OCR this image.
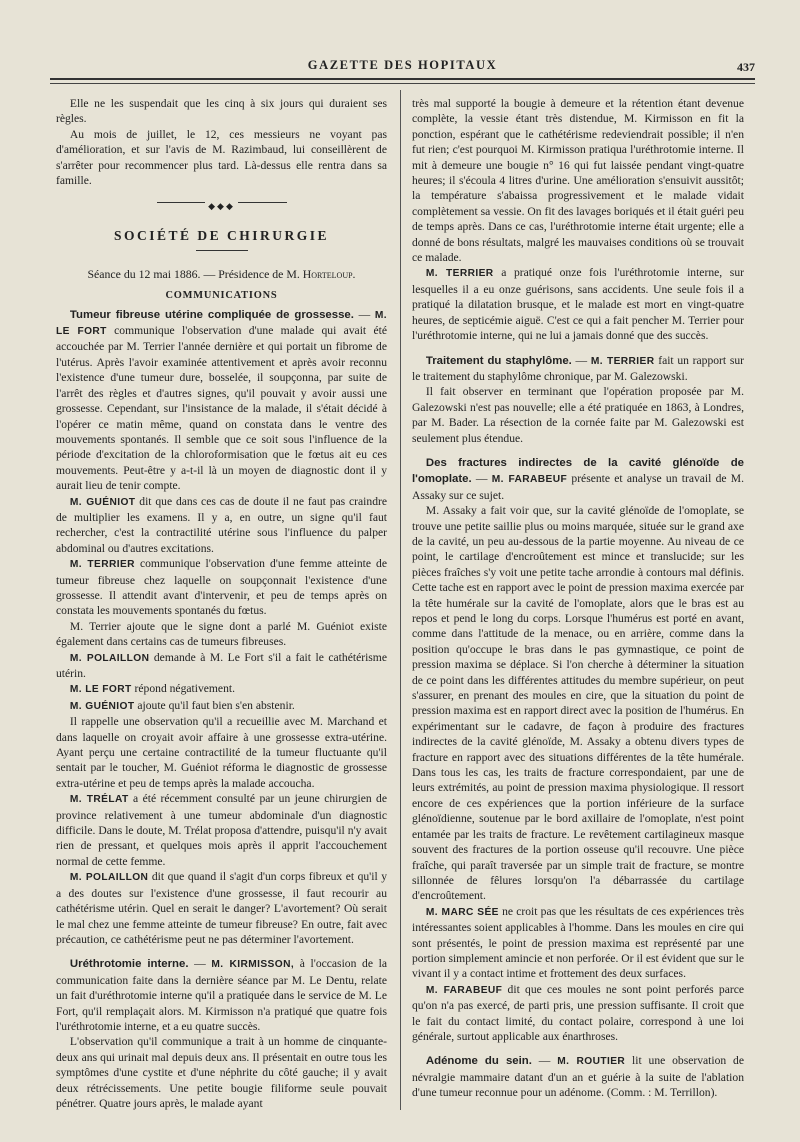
GAZETTE DES HOPITAUX	437

Elle ne les suspendait que les cinq à six jours qui duraient ses règles.

Au mois de juillet, le 12, ces messieurs ne voyant pas d'amélioration, et sur l'avis de M. Razimbaud, lui conseillèrent de s'arrêter pour recommencer plus tard. Là-dessus elle rentra dans sa famille.

◆◆◆
SOCIÉTÉ DE CHIRURGIE
Séance du 12 mai 1886. — Présidence de M. Horteloup.
COMMUNICATIONS

Tumeur fibreuse utérine compliquée de grossesse. — M. LE FORT communique l'observation d'une malade qui avait été accouchée par M. Terrier l'année dernière et qui portait un fibrome de l'utérus. Après l'avoir examinée attentivement et après avoir reconnu l'existence d'une tumeur dure, bosselée, il soupçonna, par suite de l'arrêt des règles et d'autres signes, qu'il pouvait y avoir aussi une grossesse. Cependant, sur l'insistance de la malade, il s'était décidé à l'opérer ce matin même, quand on constata dans le ventre des mouvements spontanés. Il semble que ce soit sous l'influence de la période d'excitation de la chloroformisation que le fœtus ait eu ces mouvements. Peut-être y a-t-il là un moyen de diagnostic dont il y aurait lieu de tenir compte.

M. GUÉNIOT dit que dans ces cas de doute il ne faut pas craindre de multiplier les examens. Il y a, en outre, un signe qu'il faut rechercher, c'est la contractilité utérine sous l'influence du palper abdominal ou d'autres excitations.

M. TERRIER communique l'observation d'une femme atteinte de tumeur fibreuse chez laquelle on soupçonnait l'existence d'une grossesse. Il attendit avant d'intervenir, et peu de temps après on constata les mouvements spontanés du fœtus.

M. Terrier ajoute que le signe dont a parlé M. Guéniot existe également dans certains cas de tumeurs fibreuses.

M. POLAILLON demande à M. Le Fort s'il a fait le cathétérisme utérin.

M. LE FORT répond négativement.

M. GUÉNIOT ajoute qu'il faut bien s'en abstenir.

Il rappelle une observation qu'il a recueillie avec M. Marchand et dans laquelle on croyait avoir affaire à une grossesse extra-utérine. Ayant perçu une certaine contractilité de la tumeur fluctuante qu'il sentait par le toucher, M. Guéniot réforma le diagnostic de grossesse extra-utérine et peu de temps après la malade accoucha.

M. TRÉLAT a été récemment consulté par un jeune chirurgien de province relativement à une tumeur abdominale d'un diagnostic difficile. Dans le doute, M. Trélat proposa d'attendre, puisqu'il n'y avait rien de pressant, et quelques mois après il apprit l'accouchement normal de cette femme.

M. POLAILLON dit que quand il s'agit d'un corps fibreux et qu'il y a des doutes sur l'existence d'une grossesse, il faut recourir au cathétérisme utérin. Quel en serait le danger? L'avortement? Où serait le mal chez une femme atteinte de tumeur fibreuse? En outre, fait avec précaution, ce cathétérisme peut ne pas déterminer l'avortement.

Uréthrotomie interne. — M. KIRMISSON, à l'occasion de la communication faite dans la dernière séance par M. Le Dentu, relate un fait d'uréthrotomie interne qu'il a pratiquée dans le service de M. Le Fort, qu'il remplaçait alors. M. Kirmisson n'a pratiqué que quatre fois l'uréthrotomie interne, et a eu quatre succès.

L'observation qu'il communique a trait à un homme de cinquante-deux ans qui urinait mal depuis deux ans. Il présentait en outre tous les symptômes d'une cystite et d'une néphrite du côté gauche; il y avait deux rétrécissements. Une petite bougie filiforme seule pouvait pénétrer. Quatre jours après, le malade ayant

très mal supporté la bougie à demeure et la rétention étant devenue complète, la vessie étant très distendue, M. Kirmisson en fit la ponction, espérant que le cathétérisme redeviendrait possible; il n'en fut rien; c'est pourquoi M. Kirmisson pratiqua l'uréthrotomie interne. Il mit à demeure une bougie n° 16 qui fut laissée pendant vingt-quatre heures; il s'écoula 4 litres d'urine. Une amélioration s'ensuivit aussitôt; la température s'abaissa progressivement et le malade vidait complètement sa vessie. On fit des lavages boriqués et il était guéri peu de temps après. Dans ce cas, l'uréthrotomie interne était urgente; elle a donné de bons résultats, malgré les mauvaises conditions où se trouvait ce malade.

M. TERRIER a pratiqué onze fois l'uréthrotomie interne, sur lesquelles il a eu onze guérisons, sans accidents. Une seule fois il a pratiqué la dilatation brusque, et le malade est mort en vingt-quatre heures, de septicémie aiguë. C'est ce qui a fait pencher M. Terrier pour l'uréthrotomie interne, qui ne lui a jamais donné que des succès.

Traitement du staphylôme. — M. TERRIER fait un rapport sur le traitement du staphylôme chronique, par M. Galezowski.

Il fait observer en terminant que l'opération proposée par M. Galezowski n'est pas nouvelle; elle a été pratiquée en 1863, à Londres, par M. Bader. La résection de la cornée faite par M. Galezowski est seulement plus étendue.

Des fractures indirectes de la cavité glénoïde de l'omoplate. — M. FARABEUF présente et analyse un travail de M. Assaky sur ce sujet.

M. Assaky a fait voir que, sur la cavité glénoïde de l'omoplate, se trouve une petite saillie plus ou moins marquée, située sur le grand axe de la cavité, un peu au-dessous de la partie moyenne. Au niveau de ce point, le cartilage d'encroûtement est mince et translucide; sur les pièces fraîches s'y voit une petite tache arrondie à contours mal définis. Cette tache est en rapport avec le point de pression maxima exercée par la tête humérale sur la cavité de l'omoplate, alors que le bras est au repos et pend le long du corps. Lorsque l'humérus est porté en avant, comme dans l'attitude de la menace, ou en arrière, comme dans la position qu'occupe le bras dans le pas gymnastique, ce point de pression maxima se déplace. Si l'on cherche à déterminer la situation de ce point dans les différentes attitudes du membre supérieur, on peut s'assurer, en prenant des moules en cire, que la situation du point de pression maxima est en rapport direct avec la position de l'humérus. En expérimentant sur le cadavre, de façon à produire des fractures indirectes de la cavité glénoïde, M. Assaky a obtenu divers types de fracture en rapport avec des situations différentes de la tête humérale. Dans tous les cas, les traits de fracture correspondaient, par une de leurs extrémités, au point de pression maxima physiologique. Il ressort encore de ces expériences que la portion inférieure de la surface glénoïdienne, soutenue par le bord axillaire de l'omoplate, n'est point entamée par les traits de fracture. Le revêtement cartilagineux masque souvent des fractures de la portion osseuse qu'il recouvre. Une pièce fraîche, qui paraît traversée par un simple trait de fracture, se montre sillonnée de fêlures lorsqu'on l'a débarrassée du cartilage d'encroûtement.

M. MARC SÉE ne croit pas que les résultats de ces expériences très intéressantes soient applicables à l'homme. Dans les moules en cire qui sont présentés, le point de pression maxima est représenté par une portion simplement amincie et non perforée. Or il est évident que sur le vivant il y a contact intime et frottement des deux surfaces.

M. FARABEUF dit que ces moules ne sont point perforés parce qu'on n'a pas exercé, de parti pris, une pression suffisante. Il croit que le fait du contact limité, du contact polaire, correspond à une loi générale, surtout applicable aux énarthroses.

Adénome du sein. — M. ROUTIER lit une observation de névralgie mammaire datant d'un an et guérie à la suite de l'ablation d'une tumeur reconnue pour un adénome. (Comm. : M. Terrillon).
